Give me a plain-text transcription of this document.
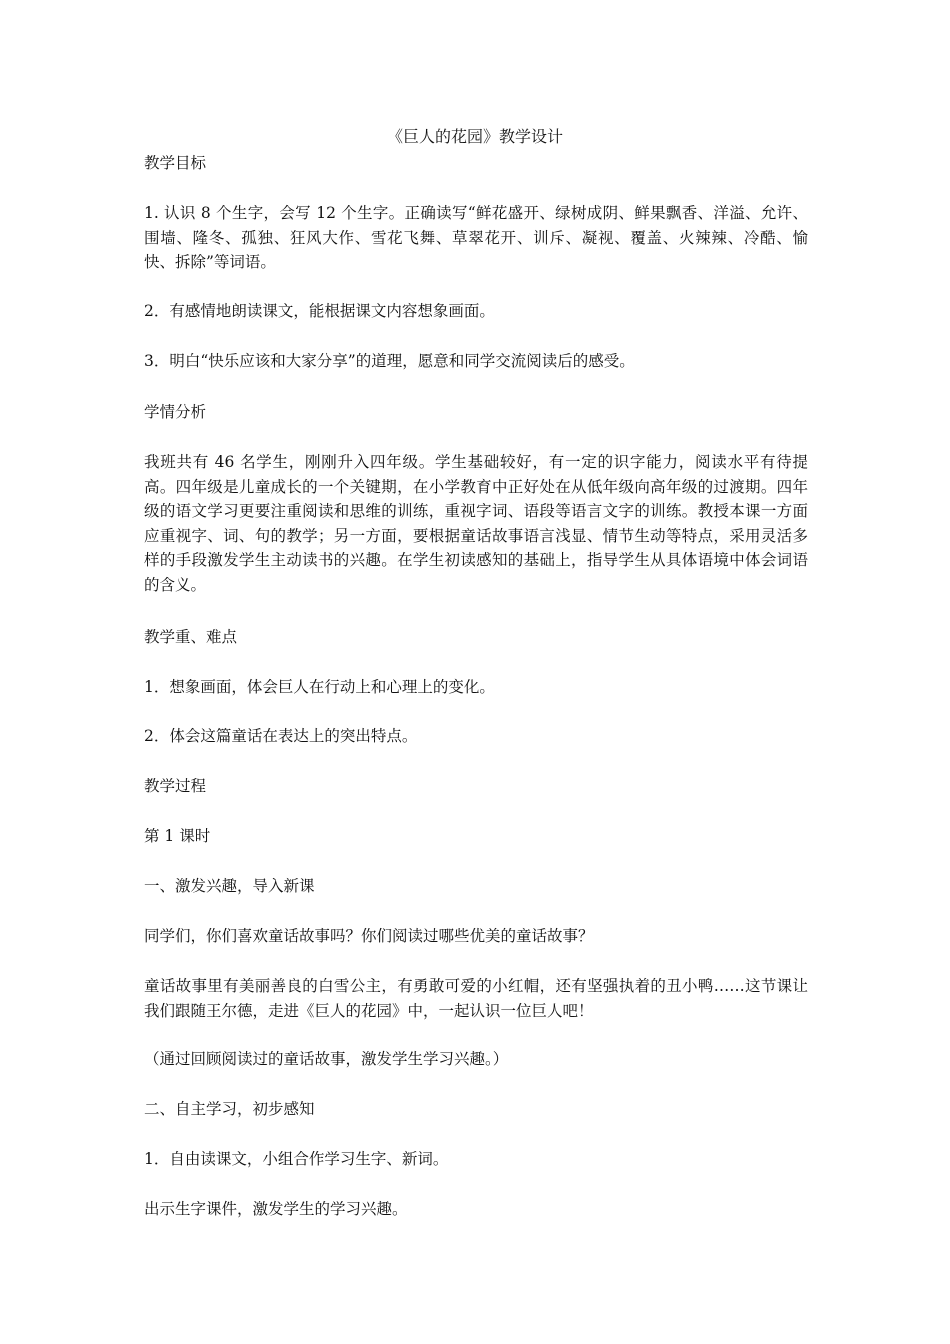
《巨人的花园》教学设计
教学目标
1. 认识 8 个生字，会写 12 个生字。正确读写“鲜花盛开、绿树成阴、鲜果飘香、洋溢、允许、围墙、隆冬、孤独、狂风大作、雪花飞舞、草翠花开、训斥、凝视、覆盖、火辣辣、冷酷、愉快、拆除”等词语。
2．有感情地朗读课文，能根据课文内容想象画面。
3．明白“快乐应该和大家分享”的道理，愿意和同学交流阅读后的感受。
学情分析
我班共有 46 名学生，刚刚升入四年级。学生基础较好，有一定的识字能力，阅读水平有待提高。四年级是儿童成长的一个关键期，在小学教育中正好处在从低年级向高年级的过渡期。四年级的语文学习更要注重阅读和思维的训练，重视字词、语段等语言文字的训练。教授本课一方面应重视字、词、句的教学；另一方面，要根据童话故事语言浅显、情节生动等特点，采用灵活多样的手段激发学生主动读书的兴趣。在学生初读感知的基础上，指导学生从具体语境中体会词语的含义。
教学重、难点
1．想象画面，体会巨人在行动上和心理上的变化。
2．体会这篇童话在表达上的突出特点。
教学过程
第 1 课时
一、激发兴趣，导入新课
同学们，你们喜欢童话故事吗？你们阅读过哪些优美的童话故事？
童话故事里有美丽善良的白雪公主，有勇敢可爱的小红帽，还有坚强执着的丑小鸭……这节课让我们跟随王尔德，走进《巨人的花园》中，一起认识一位巨人吧！
（通过回顾阅读过的童话故事，激发学生学习兴趣。）
二、自主学习，初步感知
1．自由读课文，小组合作学习生字、新词。
出示生字课件，激发学生的学习兴趣。
